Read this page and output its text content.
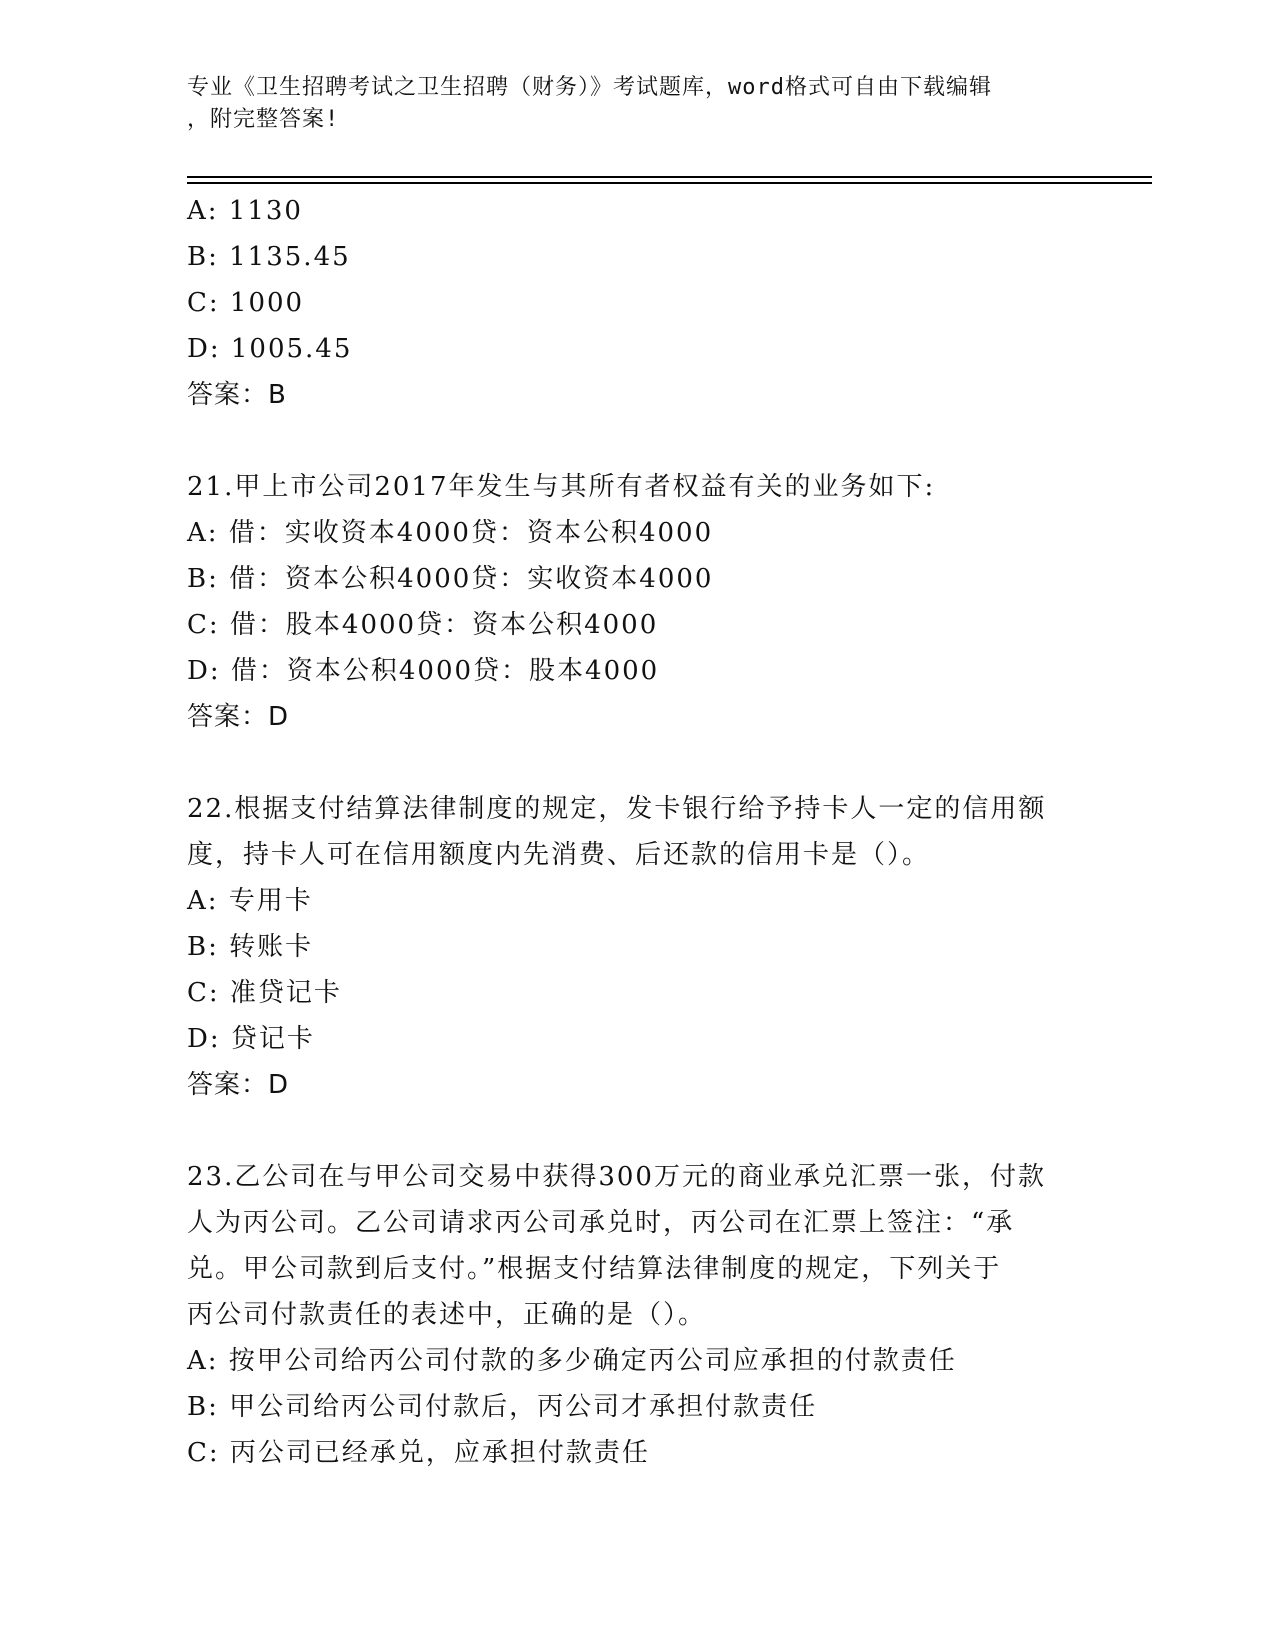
专业《卫生招聘考试之卫生招聘（财务）》考试题库，word格式可自由下载编辑
，附完整答案!
A: 1130
B: 1135.45
C: 1000
D: 1005.45
答案：B
21.甲上市公司2017年发生与其所有者权益有关的业务如下:
A: 借：实收资本4000贷：资本公积4000
B: 借：资本公积4000贷：实收资本4000
C: 借：股本4000贷：资本公积4000
D: 借：资本公积4000贷：股本4000
答案：D
22.根据支付结算法律制度的规定，发卡银行给予持卡人一定的信用额
度，持卡人可在信用额度内先消费、后还款的信用卡是（）。
A: 专用卡
B: 转账卡
C: 准贷记卡
D: 贷记卡
答案：D
23.乙公司在与甲公司交易中获得300万元的商业承兑汇票一张，付款
人为丙公司。乙公司请求丙公司承兑时，丙公司在汇票上签注：“承
兑。甲公司款到后支付。”根据支付结算法律制度的规定，下列关于
丙公司付款责任的表述中，正确的是（）。
A: 按甲公司给丙公司付款的多少确定丙公司应承担的付款责任
B: 甲公司给丙公司付款后，丙公司才承担付款责任
C: 丙公司已经承兑，应承担付款责任
